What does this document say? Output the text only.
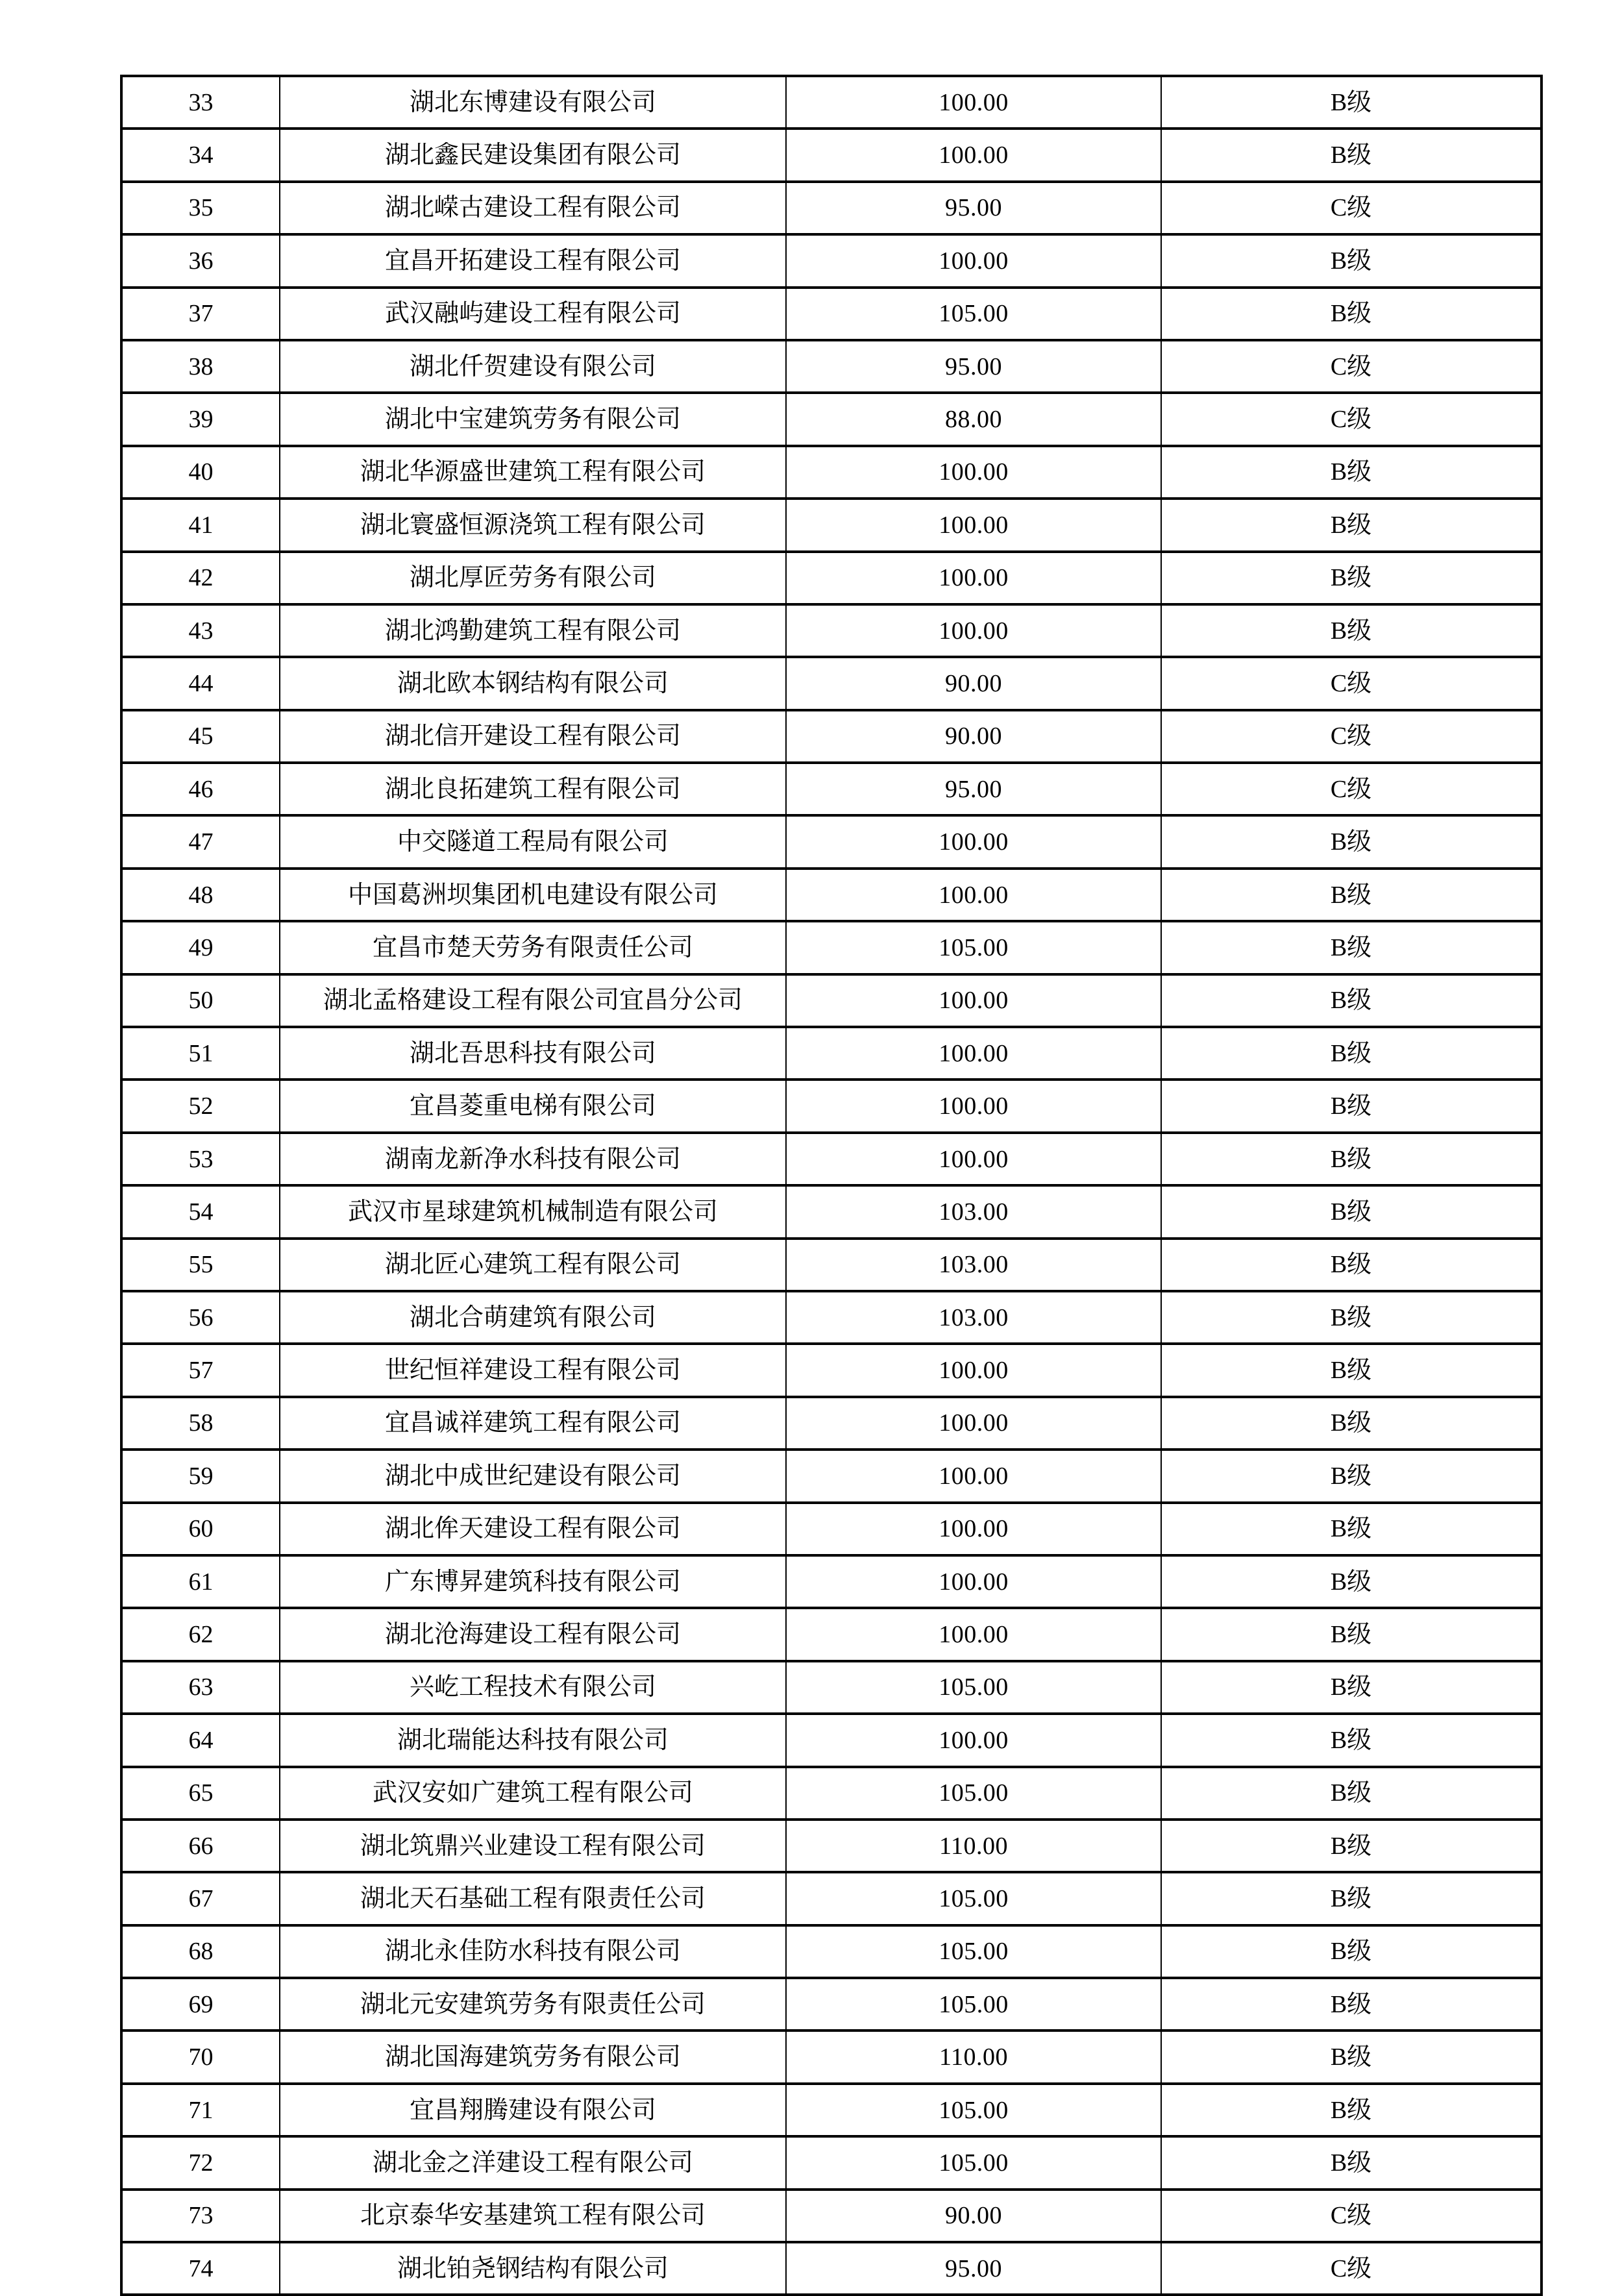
33	湖北东博建设有限公司	100.00	B级
34	湖北鑫民建设集团有限公司	100.00	B级
35	湖北嵘古建设工程有限公司	95.00	C级
36	宜昌开拓建设工程有限公司	100.00	B级
37	武汉融屿建设工程有限公司	105.00	B级
38	湖北仟贺建设有限公司	95.00	C级
39	湖北中宝建筑劳务有限公司	88.00	C级
40	湖北华源盛世建筑工程有限公司	100.00	B级
41	湖北寰盛恒源浇筑工程有限公司	100.00	B级
42	湖北厚匠劳务有限公司	100.00	B级
43	湖北鸿勤建筑工程有限公司	100.00	B级
44	湖北欧本钢结构有限公司	90.00	C级
45	湖北信开建设工程有限公司	90.00	C级
46	湖北良拓建筑工程有限公司	95.00	C级
47	中交隧道工程局有限公司	100.00	B级
48	中国葛洲坝集团机电建设有限公司	100.00	B级
49	宜昌市楚天劳务有限责任公司	105.00	B级
50	湖北孟格建设工程有限公司宜昌分公司	100.00	B级
51	湖北吾思科技有限公司	100.00	B级
52	宜昌菱重电梯有限公司	100.00	B级
53	湖南龙新净水科技有限公司	100.00	B级
54	武汉市星球建筑机械制造有限公司	103.00	B级
55	湖北匠心建筑工程有限公司	103.00	B级
56	湖北合萌建筑有限公司	103.00	B级
57	世纪恒祥建设工程有限公司	100.00	B级
58	宜昌诚祥建筑工程有限公司	100.00	B级
59	湖北中成世纪建设有限公司	100.00	B级
60	湖北侔天建设工程有限公司	100.00	B级
61	广东博昇建筑科技有限公司	100.00	B级
62	湖北沧海建设工程有限公司	100.00	B级
63	兴屹工程技术有限公司	105.00	B级
64	湖北瑞能达科技有限公司	100.00	B级
65	武汉安如广建筑工程有限公司	105.00	B级
66	湖北筑鼎兴业建设工程有限公司	110.00	B级
67	湖北天石基础工程有限责任公司	105.00	B级
68	湖北永佳防水科技有限公司	105.00	B级
69	湖北元安建筑劳务有限责任公司	105.00	B级
70	湖北国海建筑劳务有限公司	110.00	B级
71	宜昌翔腾建设有限公司	105.00	B级
72	湖北金之洋建设工程有限公司	105.00	B级
73	北京泰华安基建筑工程有限公司	90.00	C级
74	湖北铂尧钢结构有限公司	95.00	C级
